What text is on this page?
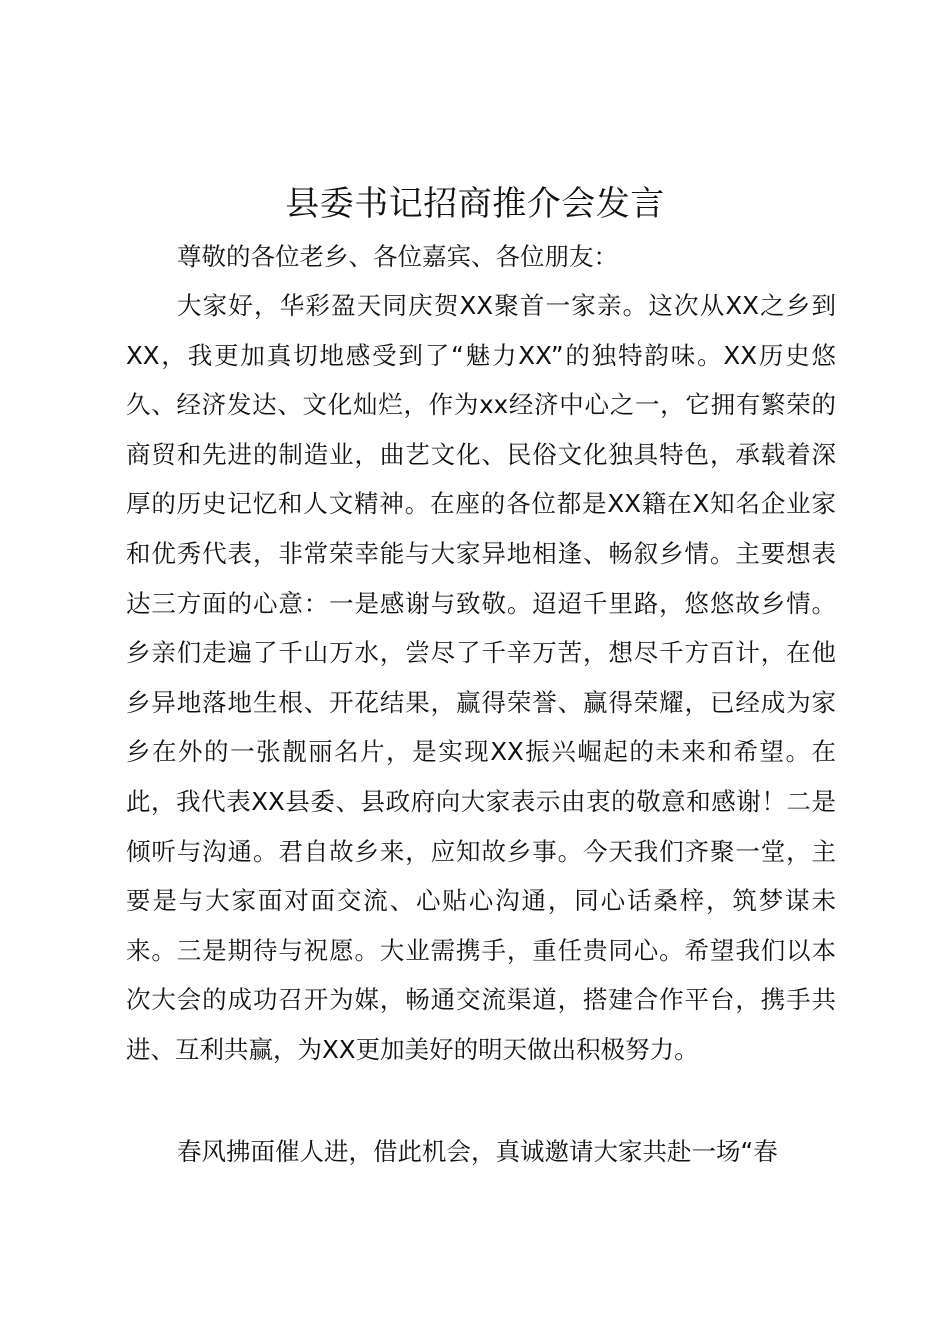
县委书记招商推介会发言
尊敬的各位老乡、各位嘉宾、各位朋友：
大家好，华彩盈天同庆贺XX聚首一家亲。这次从XX之乡到XX，我更加真切地感受到了“魅力XX”的独特韵味。XX历史悠久、经济发达、文化灿烂，作为xx经济中心之一，它拥有繁荣的商贸和先进的制造业，曲艺文化、民俗文化独具特色，承载着深厚的历史记忆和人文精神。在座的各位都是XX籍在X知名企业家和优秀代表，非常荣幸能与大家异地相逢、畅叙乡情。主要想表达三方面的心意：一是感谢与致敬。迢迢千里路，悠悠故乡情。乡亲们走遍了千山万水，尝尽了千辛万苦，想尽千方百计，在他乡异地落地生根、开花结果，赢得荣誉、赢得荣耀，已经成为家乡在外的一张靓丽名片，是实现XX振兴崛起的未来和希望。在此，我代表XX县委、县政府向大家表示由衷的敬意和感谢！二是倾听与沟通。君自故乡来，应知故乡事。今天我们齐聚一堂，主要是与大家面对面交流、心贴心沟通，同心话桑梓，筑梦谋未来。三是期待与祝愿。大业需携手，重任贵同心。希望我们以本次大会的成功召开为媒，畅通交流渠道，搭建合作平台，携手共进、互利共赢，为XX更加美好的明天做出积极努力。
春风拂面催人进，借此机会，真诚邀请大家共赴一场“春
